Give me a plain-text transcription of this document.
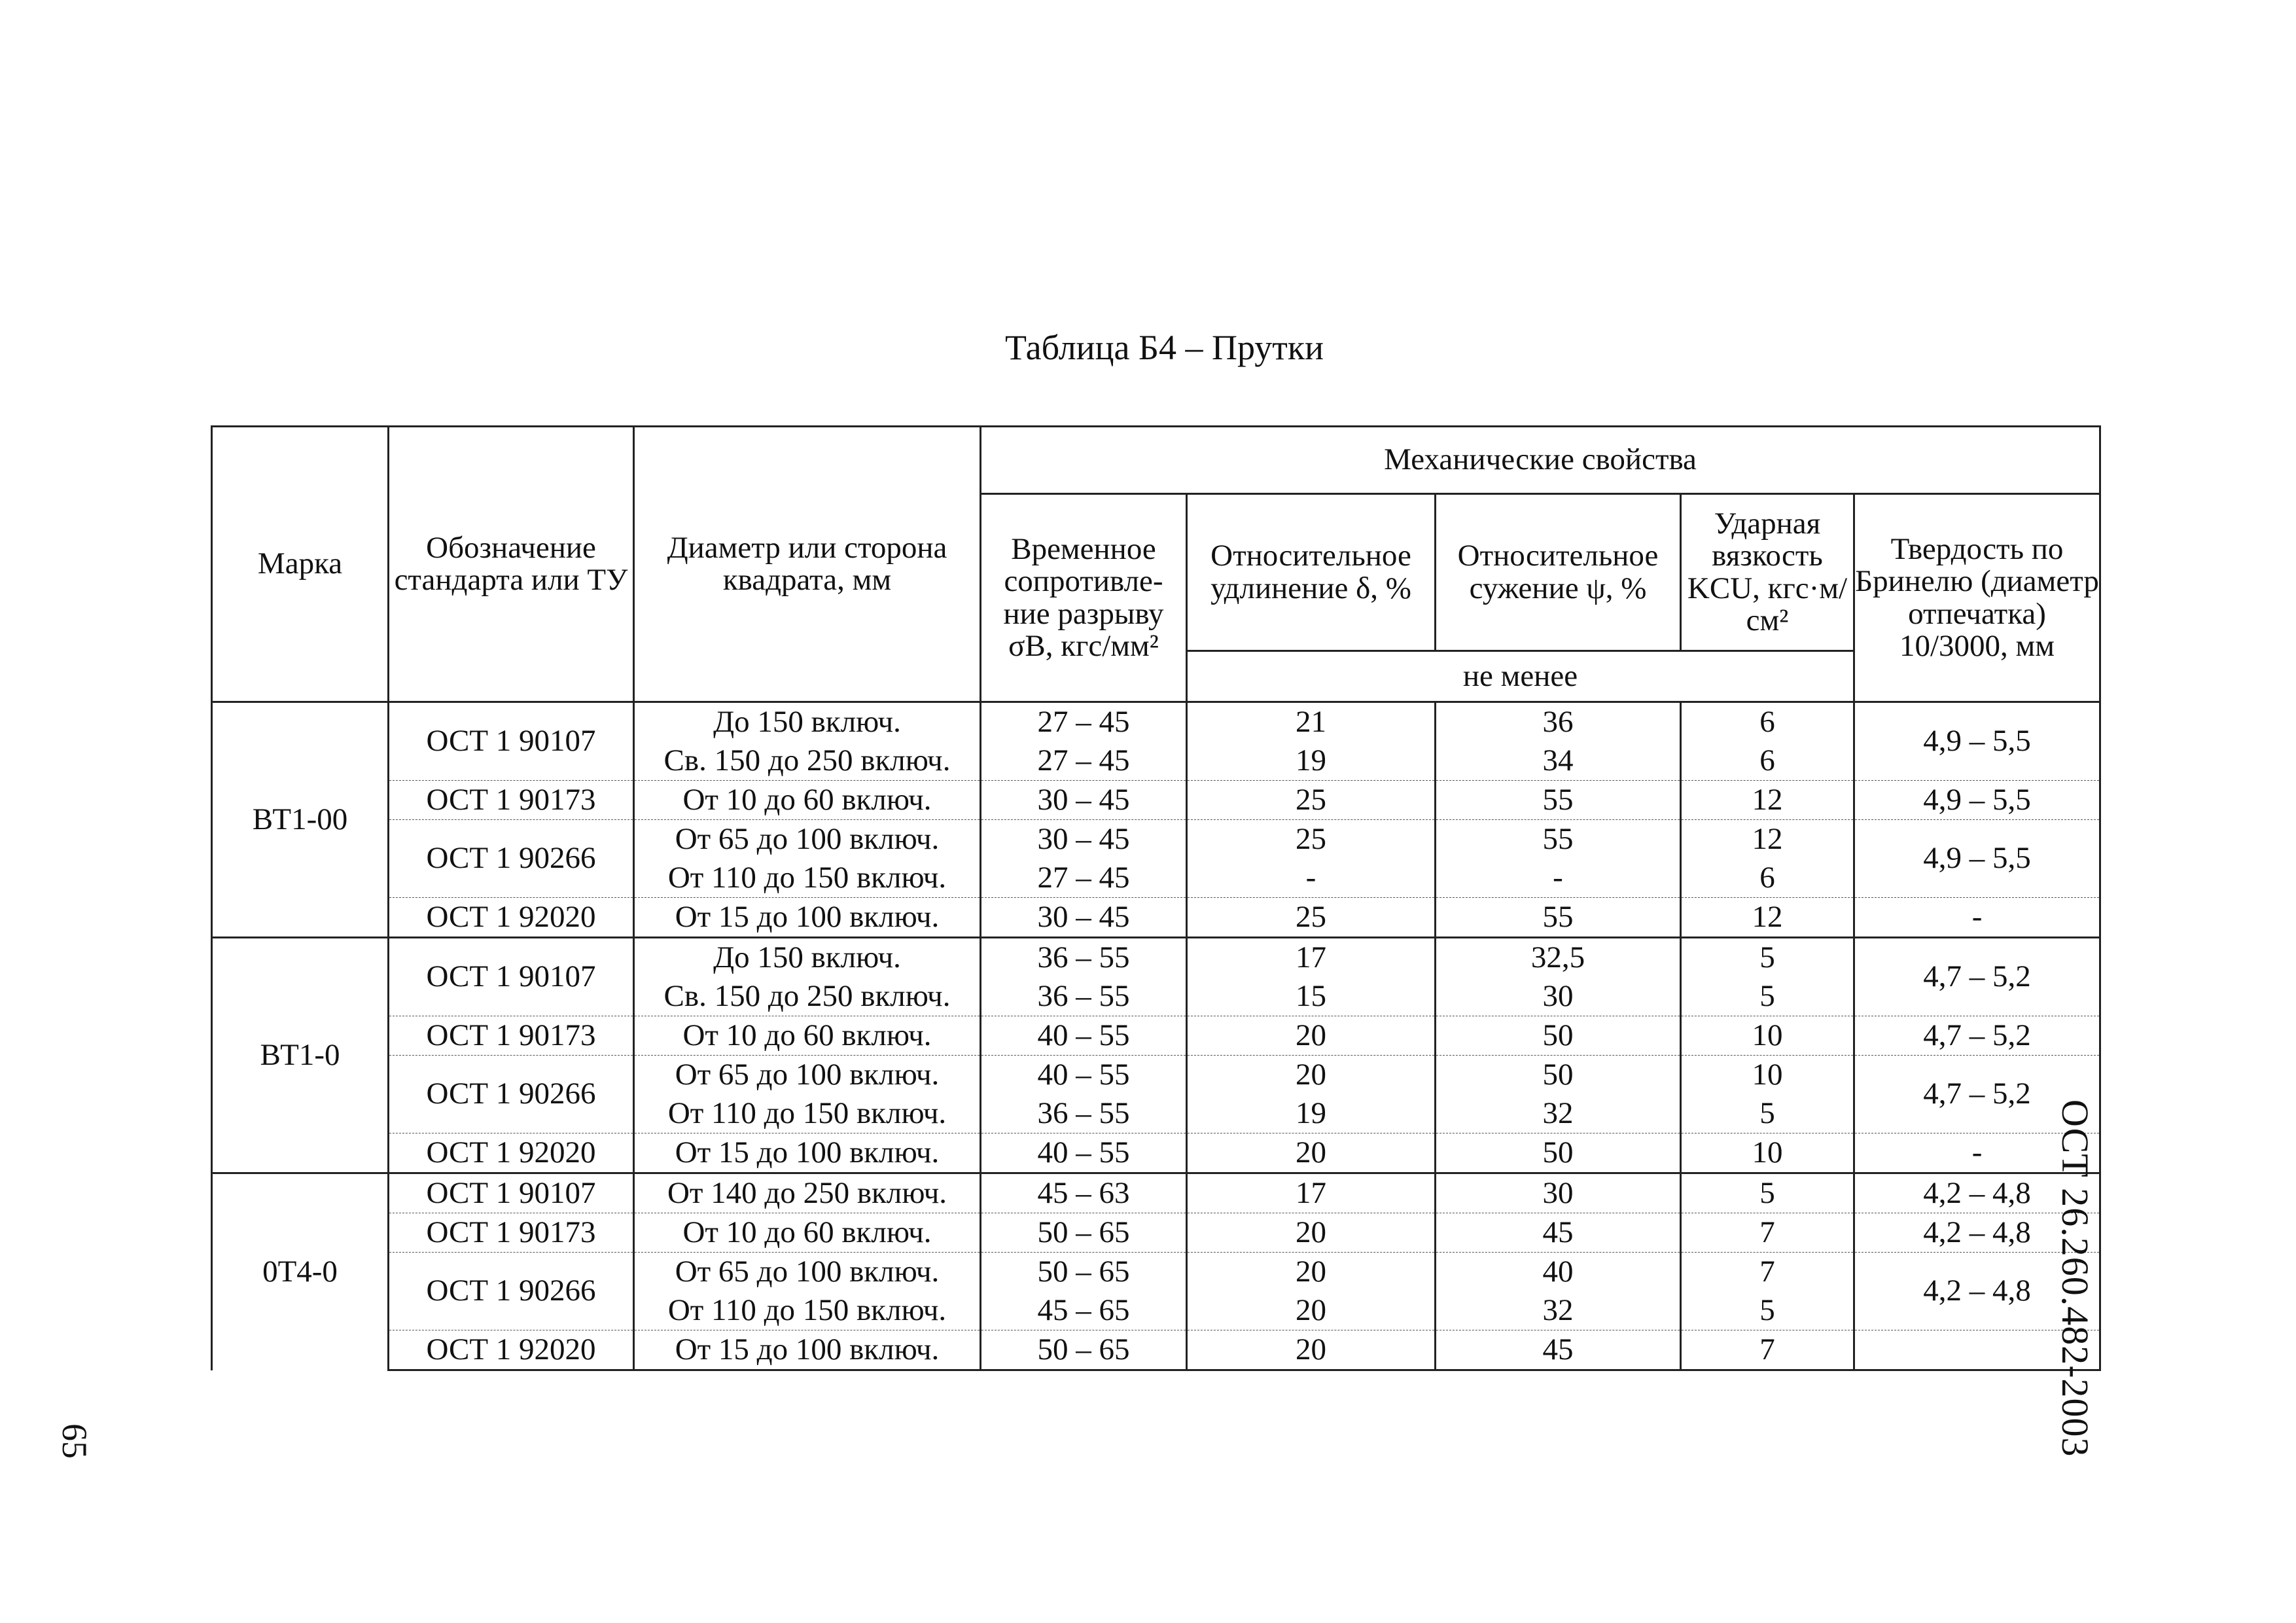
Таблица Б4 – Прутки
Марка	Обозначение стандарта или ТУ	Диаметр или сторона квадрата, мм	Механические свойства				
			Временное сопротивле-ние разрыву σВ, кгс/мм²	Относительное удлинение δ, %	Относительное сужение ψ, %	Ударная вязкость KCU, кгс·м/см²	Твердость по Бринелю (диаметр отпечатка) 10/3000, мм
				не менее			
ВТ1-00	ОСТ 1 90107	До 150 включ.	27 – 45	21	36	6	4,9 – 5,5
		Св. 150 до 250 включ.	27 – 45	19	34	6	
	ОСТ 1 90173	От 10 до 60 включ.	30 – 45	25	55	12	4,9 – 5,5
	ОСТ 1 90266	От 65 до 100 включ.	30 – 45	25	55	12	4,9 – 5,5
		От 110 до 150 включ.	27 – 45	-	-	6	
	ОСТ 1 92020	От 15 до 100 включ.	30 – 45	25	55	12	-
ВТ1-0	ОСТ 1 90107	До 150 включ.	36 – 55	17	32,5	5	4,7 – 5,2
		Св. 150 до 250 включ.	36 – 55	15	30	5	
	ОСТ 1 90173	От 10 до 60 включ.	40 – 55	20	50	10	4,7 – 5,2
	ОСТ 1 90266	От 65 до 100 включ.	40 – 55	20	50	10	4,7 – 5,2
		От 110 до 150 включ.	36 – 55	19	32	5	
	ОСТ 1 92020	От 15 до 100 включ.	40 – 55	20	50	10	-
0Т4-0	ОСТ 1 90107	От 140 до 250 включ.	45 – 63	17	30	5	4,2 – 4,8
	ОСТ 1 90173	От 10 до 60 включ.	50 – 65	20	45	7	4,2 – 4,8
	ОСТ 1 90266	От 65 до 100 включ.	50 – 65	20	40	7	4,2 – 4,8
		От 110 до 150 включ.	45 – 65	20	32	5	
	ОСТ 1 92020	От 15 до 100 включ.	50 – 65	20	45	7		ОСТ 26.260.482-2003
65
